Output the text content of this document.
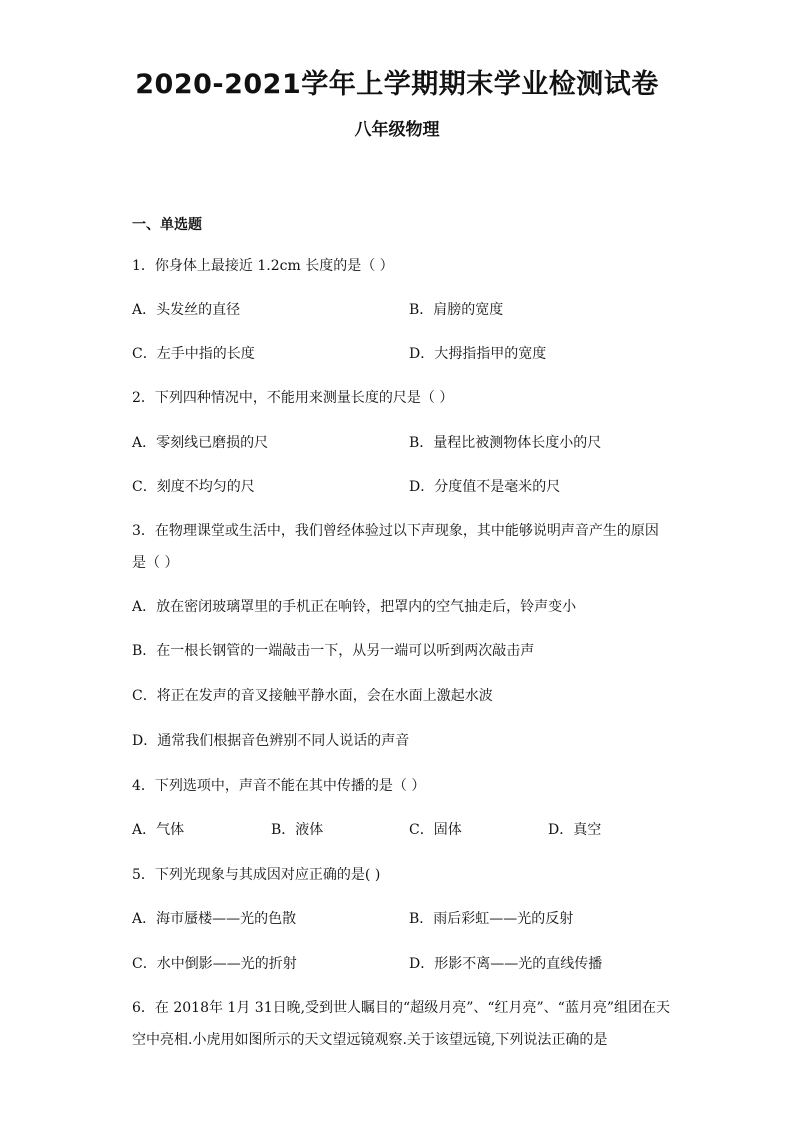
2020-2021学年上学期期末学业检测试卷
八年级物理
一、单选题
1．你身体上最接近 1.2cm 长度的是（ ）
A．头发丝的直径	B．肩膀的宽度
C．左手中指的长度	D．大拇指指甲的宽度
2．下列四种情况中，不能用来测量长度的尺是（ ）
A．零刻线已磨损的尺	B．量程比被测物体长度小的尺
C．刻度不均匀的尺	D．分度值不是毫米的尺
3．在物理课堂或生活中，我们曾经体验过以下声现象，其中能够说明声音产生的原因
是（ ）
A．放在密闭玻璃罩里的手机正在响铃，把罩内的空气抽走后，铃声变小
B．在一根长钢管的一端敲击一下，从另一端可以听到两次敲击声
C．将正在发声的音叉接触平静水面，会在水面上激起水波
D．通常我们根据音色辨别不同人说话的声音
4．下列选项中，声音不能在其中传播的是（ ）
A．气体	B．液体	C．固体	D．真空
5．下列光现象与其成因对应正确的是( )
A．海市蜃楼——光的色散	B．雨后彩虹——光的反射
C．水中倒影——光的折射	D．形影不离——光的直线传播
6．在 2018年 1月 31日晚,受到世人瞩目的“超级月亮”、“红月亮”、“蓝月亮”组团在天
空中亮相.小虎用如图所示的天文望远镜观察.关于该望远镜,下列说法正确的是
